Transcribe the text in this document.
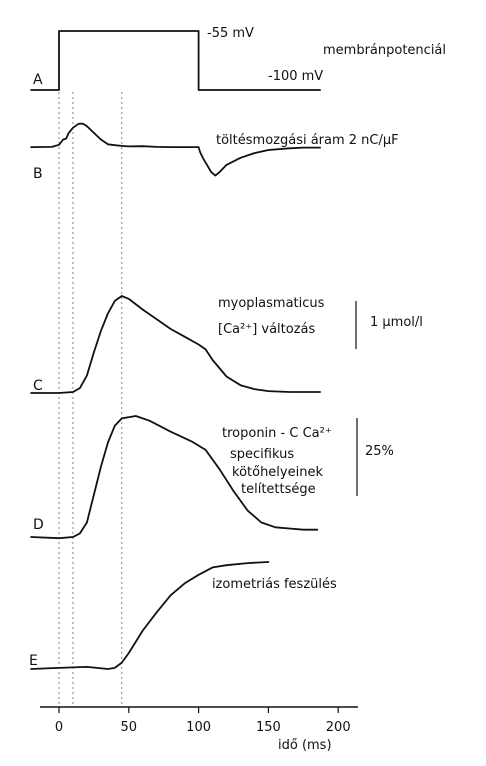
A
B
C
D
E
-55 mV
-100 mV
membránpotenciál
töltésmozgási áram 2 nC/μF
myoplasmaticus
[Ca²⁺] változás	1 μmol/l
troponin - C Ca²⁺
specifikus
kötőhelyeinek
telítettsége
25%
izometriás feszülés
0	50	100	150	200
idő (ms)
